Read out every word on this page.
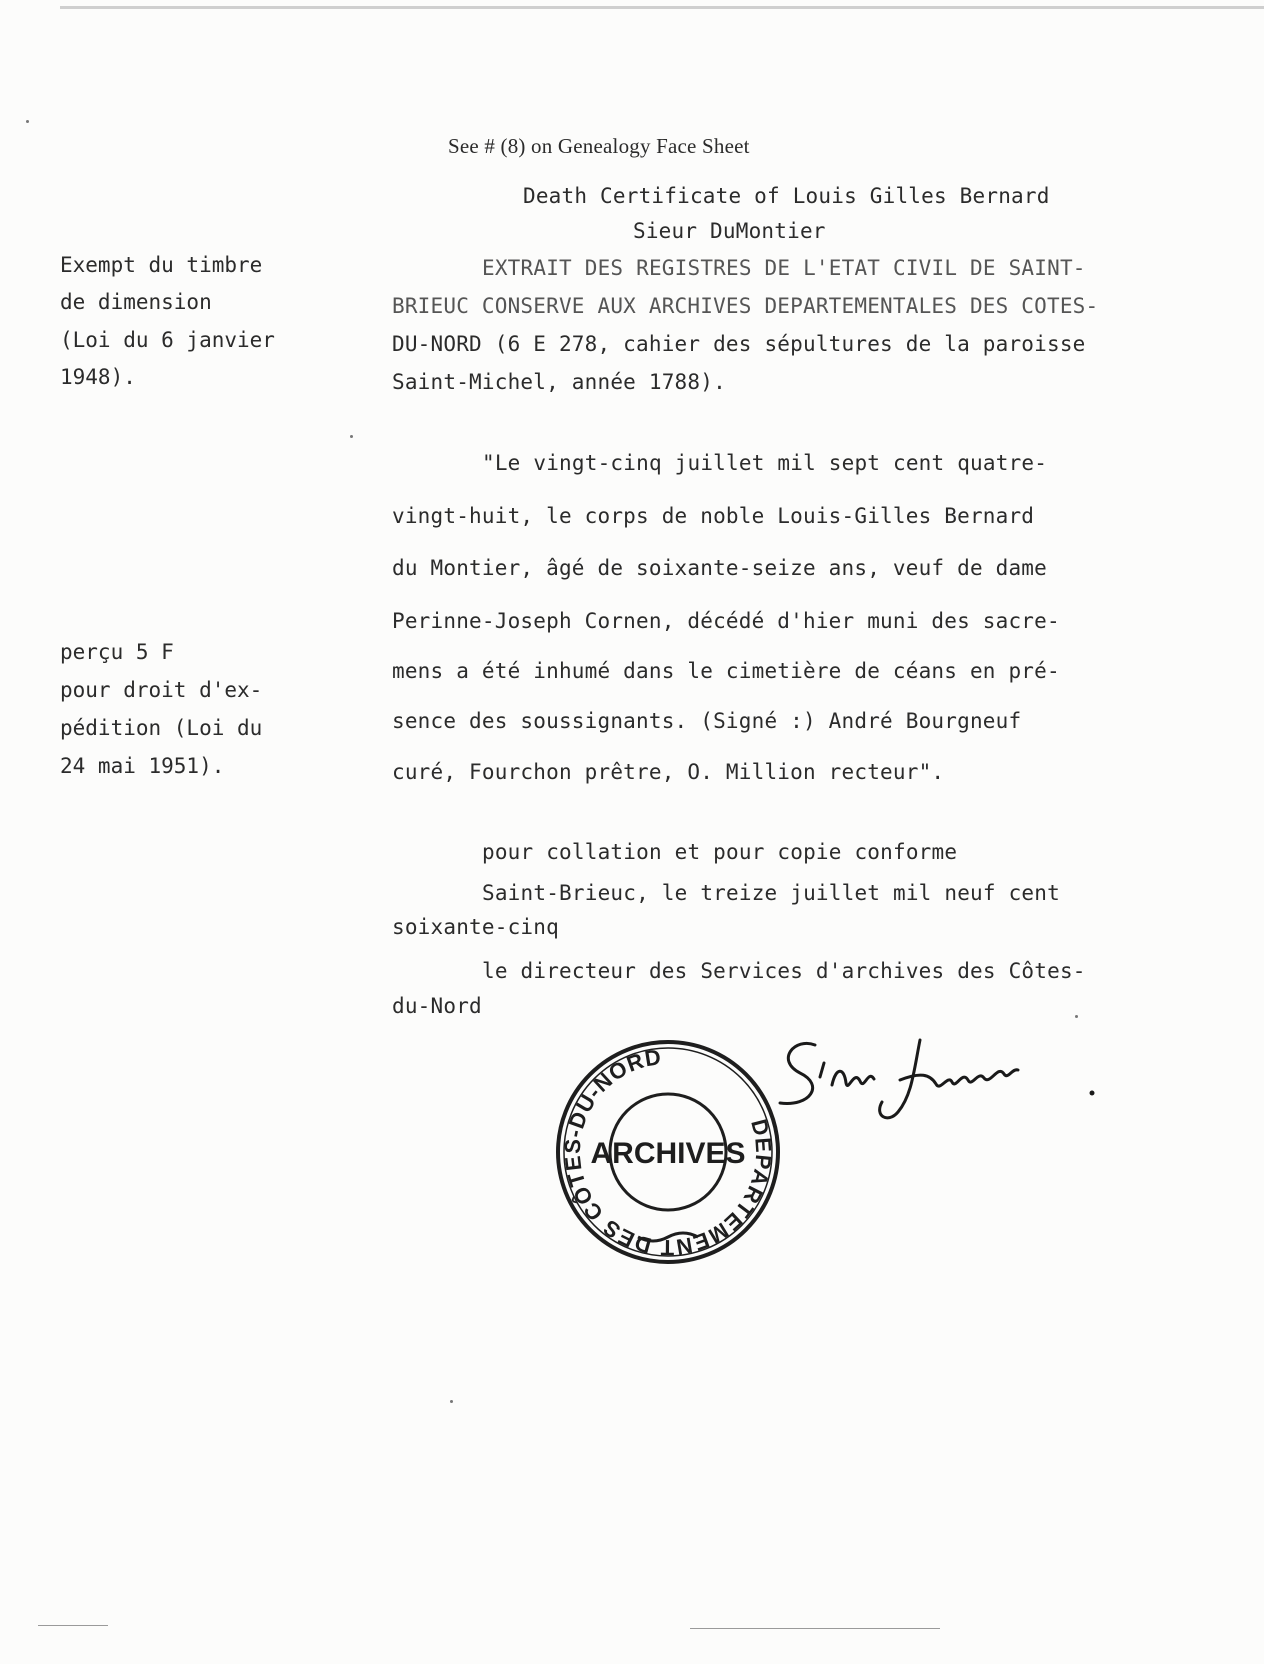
See # (8) on Genealogy Face Sheet
Death Certificate of Louis Gilles Bernard
Sieur DuMontier
Exempt du timbre
de dimension
(Loi du 6 janvier
1948).
EXTRAIT DES REGISTRES DE L'ETAT CIVIL DE SAINT-
BRIEUC CONSERVE AUX ARCHIVES DEPARTEMENTALES DES COTES-
DU-NORD (6 E 278, cahier des sépultures de la paroisse
Saint-Michel, année 1788).
"Le vingt-cinq juillet mil sept cent quatre-
vingt-huit, le corps de noble Louis-Gilles Bernard
du Montier, âgé de soixante-seize ans, veuf de dame
Perinne-Joseph Cornen, décédé d'hier muni des sacre-
mens a été inhumé dans le cimetière de céans en pré-
sence des soussignants. (Signé :) André Bourgneuf
curé, Fourchon prêtre, O. Million recteur".
perçu 5 F
pour droit d'ex-
pédition (Loi du
24 mai 1951).
pour collation et pour copie conforme
Saint-Brieuc, le treize juillet mil neuf cent
soixante-cinq
le directeur des Services d'archives des Côtes-
du-Nord
DEPARTEMENT DES CÔTES-DU-NORD
ARCHIVES
